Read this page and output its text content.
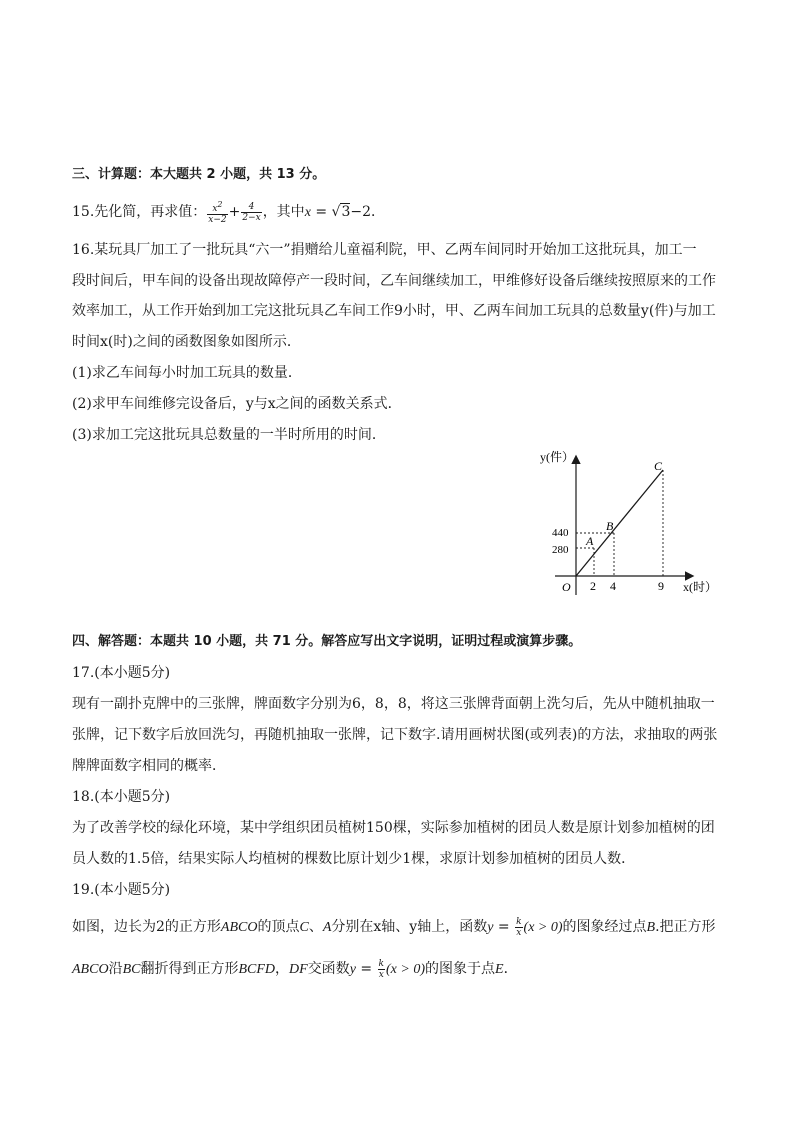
三、计算题：本大题共 2 小题，共 13 分。
15.先化简，再求值： $\frac{x2}{x-2} + \frac{4}{2-x}$ ，其中x = √3−2．
16.某玩具厂加工了一批玩具“六一”捐赠给儿童福利院，甲、乙两车间同时开始加工这批玩具，加工一
段时间后，甲车间的设备出现故障停产一段时间，乙车间继续加工，甲维修好设备后继续按照原来的工作
效率加工，从工作开始到加工完这批玩具乙车间工作9小时，甲、乙两车间加工玩具的总数量y(件)与加工
时间x(时)之间的函数图象如图所示．
(1)求乙车间每小时加工玩具的数量．
(2)求甲车间维修完设备后，y与x之间的函数关系式．
(3)求加工完这批玩具总数量的一半时所用的时间．
y(件）
x(时）
O 2 4	9
440
280
A
B
C
四、解答题：本题共 10 小题，共 71 分。解答应写出文字说明，证明过程或演算步骤。
17.(本小题5分)
现有一副扑克牌中的三张牌，牌面数字分别为6，8，8，将这三张牌背面朝上洗匀后，先从中随机抽取一
张牌，记下数字后放回洗匀，再随机抽取一张牌，记下数字.请用画树状图(或列表)的方法，求抽取的两张
牌牌面数字相同的概率．
18.(本小题5分)
为了改善学校的绿化环境，某中学组织团员植树150棵，实际参加植树的团员人数是原计划参加植树的团
员人数的1.5倍，结果实际人均植树的棵数比原计划少1棵，求原计划参加植树的团员人数．
19.(本小题5分)
如图，边长为2的正方形ABCO的顶点C、A分别在x轴、y轴上，函数$y = \frac{k}{x} (x > 0)$的图象经过点B.把正方形
ABCO沿BC翻折得到正方形BCFD，DF交函数$y = \frac{k}{x} (x > 0)$的图象于点E．
